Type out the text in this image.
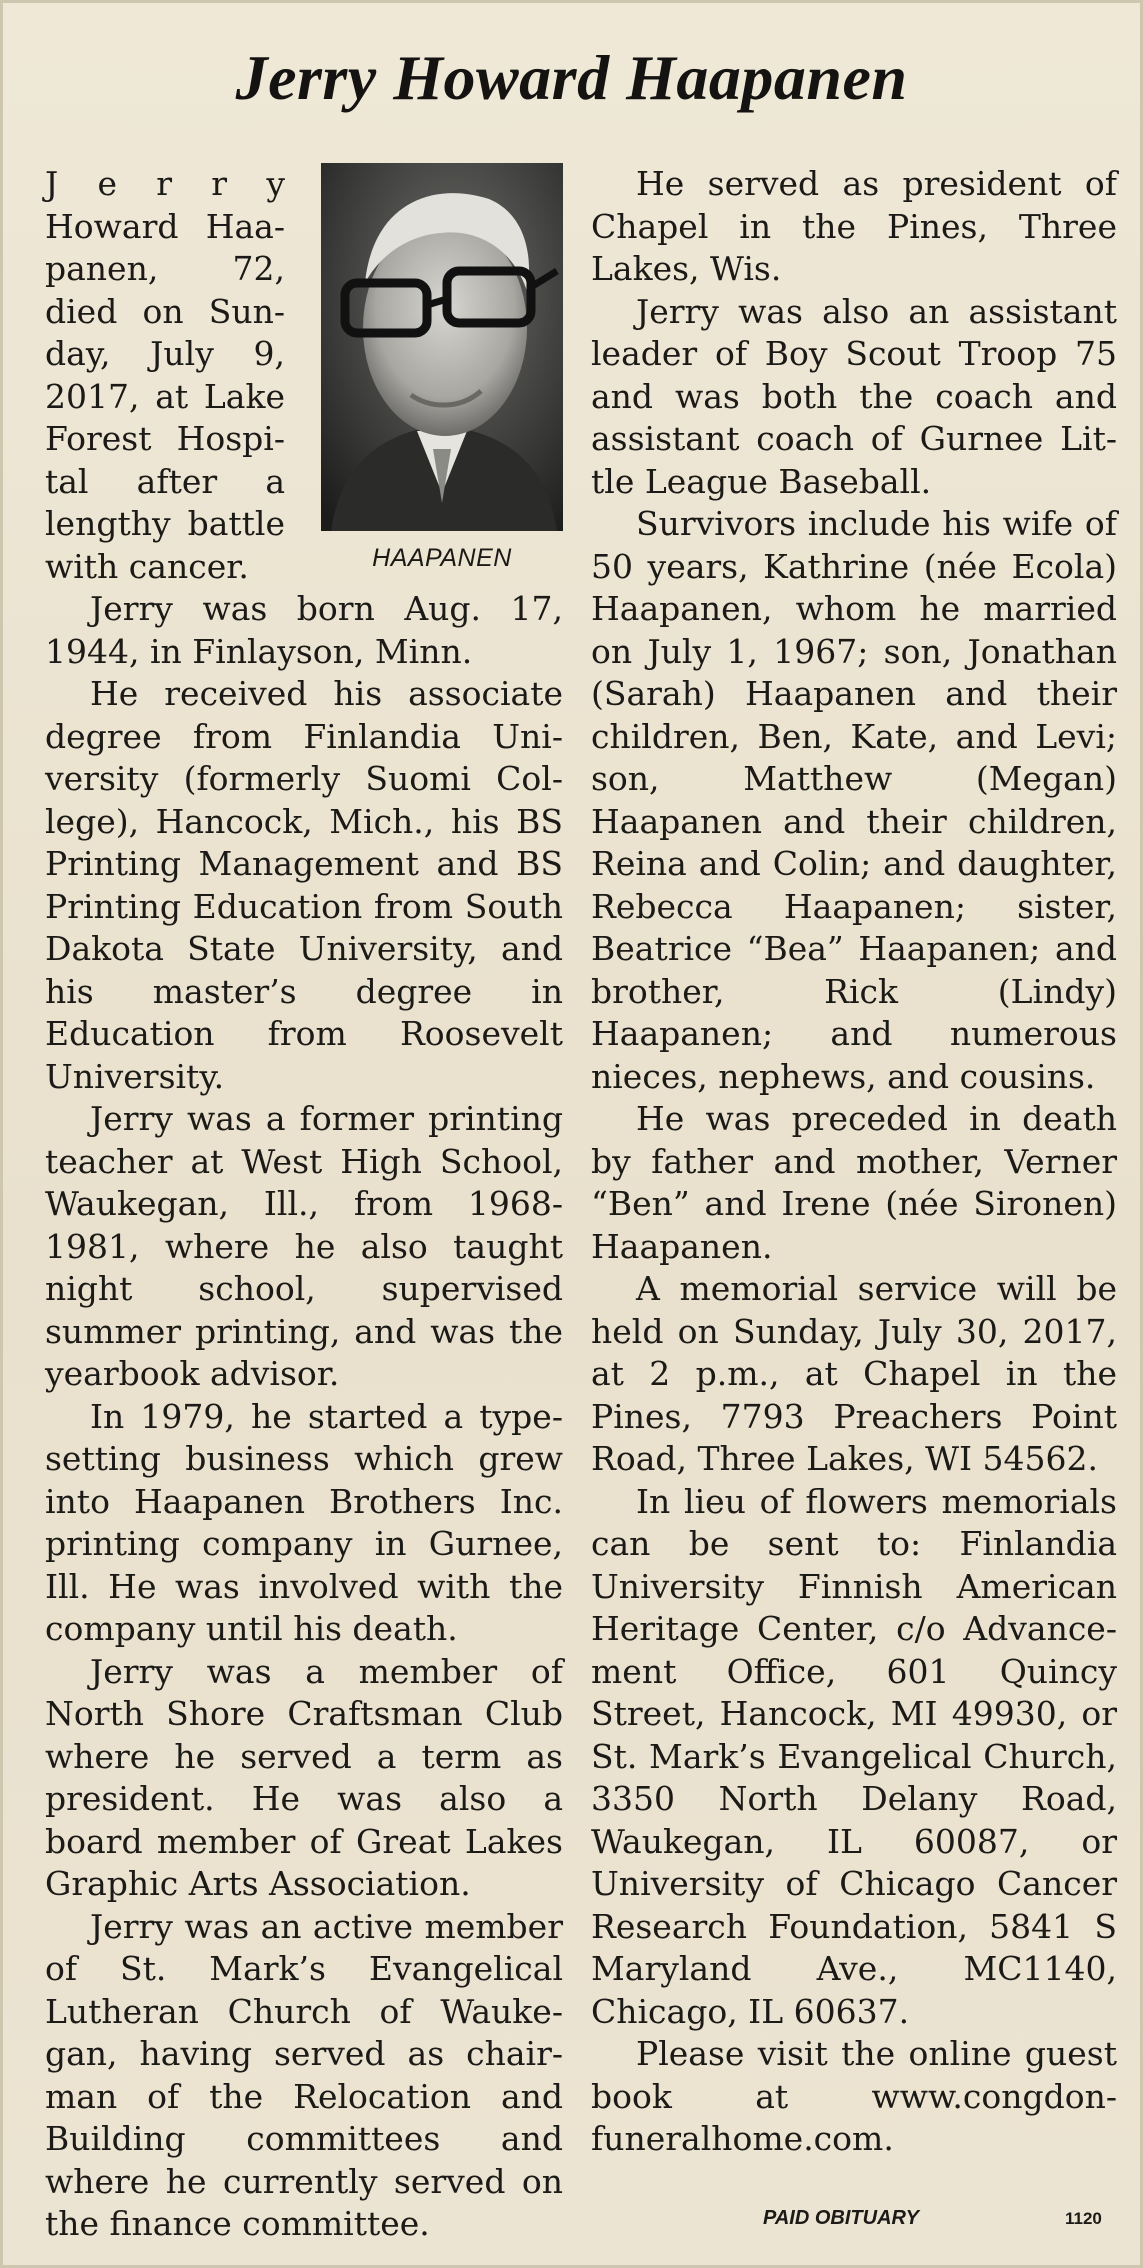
Jerry Howard Haapanen
HAAPANEN

J e r r y Howard Haapanen, 72, died on Sunday, July 9, 2017, at Lake Forest Hospital after a lengthy battle with cancer.

Jerry was born Aug. 17, 1944, in Finlayson, Minn.

He received his associate degree from Finlandia University (formerly Suomi College), Hancock, Mich., his BS Printing Management and BS Printing Education from South Dakota State University, and his master’s degree in Education from Roosevelt University.

Jerry was a former printing teacher at West High School, Waukegan, Ill., from 1968-1981, where he also taught night school, supervised summer printing, and was the yearbook advisor.

In 1979, he started a typesetting business which grew into Haapanen Brothers Inc. printing company in Gurnee, Ill. He was involved with the company until his death.

Jerry was a member of North Shore Craftsman Club where he served a term as president. He was also a board member of Great Lakes Graphic Arts Association.

Jerry was an active member of St. Mark’s Evangelical Lutheran Church of Waukegan, having served as chairman of the Relocation and Building committees and where he currently served on the finance committee.

He served as president of Chapel in the Pines, Three Lakes, Wis.

Jerry was also an assistant leader of Boy Scout Troop 75 and was both the coach and assistant coach of Gurnee Little League Baseball.

Survivors include his wife of 50 years, Kathrine (née Ecola) Haapanen, whom he married on July 1, 1967; son, Jonathan (Sarah) Haapanen and their children, Ben, Kate, and Levi; son, Matthew (Megan) Haapanen and their children, Reina and Colin; and daughter, Rebecca Haapanen; sister, Beatrice “Bea” Haapanen; and brother, Rick (Lindy) Haapanen; and numerous nieces, nephews, and cousins.

He was preceded in death by father and mother, Verner “Ben” and Irene (née Sironen) Haapanen.

A memorial service will be held on Sunday, July 30, 2017, at 2 p.m., at Chapel in the Pines, 7793 Preachers Point Road, Three Lakes, WI 54562.

In lieu of flowers memorials can be sent to: Finlandia University Finnish American Heritage Center, c/o Advancement Office, 601 Quincy Street, Hancock, MI 49930, or St. Mark’s Evangelical Church, 3350 North Delany Road, Waukegan, IL 60087, or University of Chicago Cancer Research Foundation, 5841 S Maryland Ave., MC1140, Chicago, IL 60637.

Please visit the online guest book at www.congdonfuneralhome.com.

PAID OBITUARY	1120
